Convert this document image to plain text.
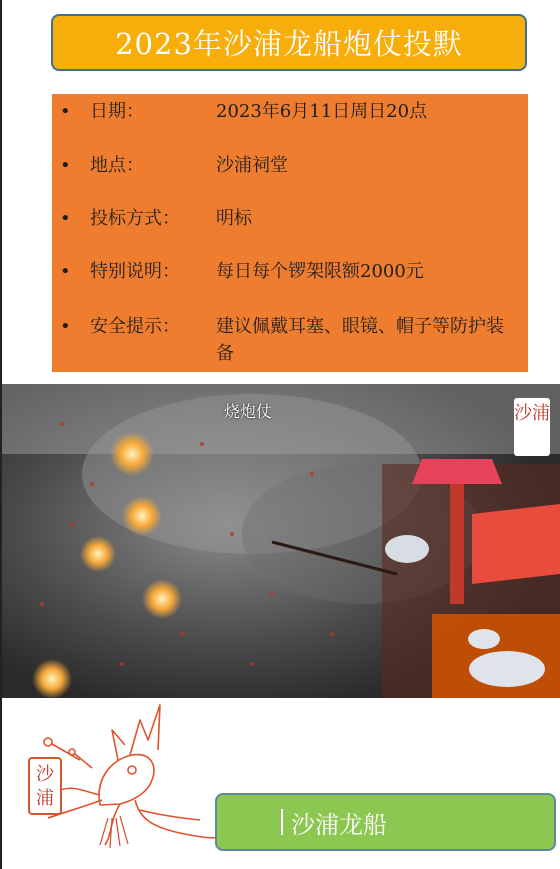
2023年沙浦龙船炮仗投默
• 日期：	2023年6月11日周日20点
• 地点：	沙浦祠堂
• 投标方式： 明标
• 特别说明： 每日每个锣架限额2000元
• 安全提示： 建议佩戴耳塞、眼镜、帽子等防护装备
烧炮仗	沙浦
沙浦
沙浦龙船
